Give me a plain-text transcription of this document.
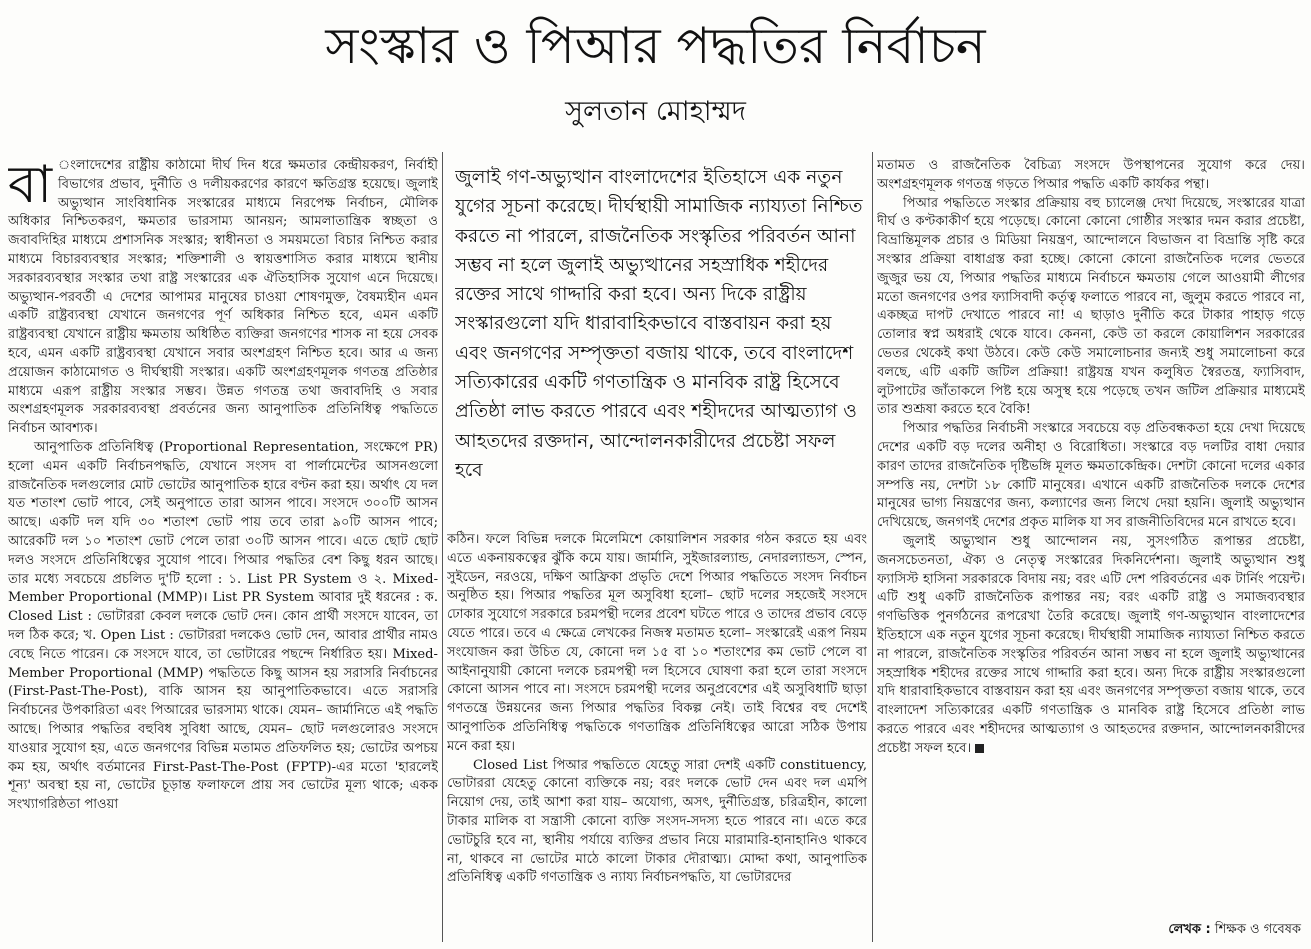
সংস্কার ও পিআর পদ্ধতির নির্বাচন
সুলতান মোহাম্মদ

বা ংলাদেশের রাষ্ট্রীয় কাঠামো দীর্ঘ দিন ধরে ক্ষমতার কেন্দ্রীয়করণ, নির্বাহী বিভাগের প্রভাব, দুর্নীতি ও দলীয়করণের কারণে ক্ষতিগ্রস্ত হয়েছে। জুলাই অভ্যুত্থান সাংবিধানিক সংস্কারের মাধ্যমে নিরপেক্ষ নির্বাচন, মৌলিক অধিকার নিশ্চিতকরণ, ক্ষমতার ভারসাম্য আনয়ন; আমলাতান্ত্রিক স্বচ্ছতা ও জবাবদিহির মাধ্যমে প্রশাসনিক সংস্কার; স্বাধীনতা ও সময়মতো বিচার নিশ্চিত করার মাধ্যমে বিচারব্যবস্থার সংস্কার; শক্তিশালী ও স্বায়ত্তশাসিত করার মাধ্যমে স্থানীয় সরকারব্যবস্থার সংস্কার তথা রাষ্ট্র সংস্কারের এক ঐতিহাসিক সুযোগ এনে দিয়েছে। অভ্যুত্থান-পরবর্তী এ দেশের আপামর মানুষের চাওয়া শোষণমুক্ত, বৈষম্যহীন এমন একটি রাষ্ট্রব্যবস্থা যেখানে জনগণের পূর্ণ অধিকার নিশ্চিত হবে, এমন একটি রাষ্ট্রব্যবস্থা যেখানে রাষ্ট্রীয় ক্ষমতায় অধিষ্ঠিত ব্যক্তিরা জনগণের শাসক না হয়ে সেবক হবে, এমন একটি রাষ্ট্রব্যবস্থা যেখানে সবার অংশগ্রহণ নিশ্চিত হবে। আর এ জন্য প্রয়োজন কাঠামোগত ও দীর্ঘস্থায়ী সংস্কার। একটি অংশগ্রহণমূলক গণতন্ত্র প্রতিষ্ঠার মাধ্যমে এরূপ রাষ্ট্রীয় সংস্কার সম্ভব। উন্নত গণতন্ত্র তথা জবাবদিহি ও সবার অংশগ্রহণমূলক সরকারব্যবস্থা প্রবর্তনের জন্য আনুপাতিক প্রতিনিধিত্ব পদ্ধতিতে নির্বাচন আবশ্যক।

আনুপাতিক প্রতিনিধিত্ব (Proportional Representation, সংক্ষেপে PR) হলো এমন একটি নির্বাচনপদ্ধতি, যেখানে সংসদ বা পার্লামেন্টের আসনগুলো রাজনৈতিক দলগুলোর মোট ভোটের আনুপাতিক হারে বণ্টন করা হয়। অর্থাৎ যে দল যত শতাংশ ভোট পাবে, সেই অনুপাতে তারা আসন পাবে। সংসদে ৩০০টি আসন আছে। একটি দল যদি ৩০ শতাংশ ভোট পায় তবে তারা ৯০টি আসন পাবে; আরেকটি দল ১০ শতাংশ ভোট পেলে তারা ৩০টি আসন পাবে। এতে ছোট ছোট দলও সংসদে প্রতিনিধিত্বের সুযোগ পাবে। পিআর পদ্ধতির বেশ কিছু ধরন আছে। তার মধ্যে সবচেয়ে প্রচলিত দু'টি হলো : ১. List PR System ও ২. Mixed-Member Proportional (MMP)। List PR System আবার দুই ধরনের : ক. Closed List : ভোটাররা কেবল দলকে ভোট দেন। কোন প্রার্থী সংসদে যাবেন, তা দল ঠিক করে; খ. Open List : ভোটাররা দলকেও ভোট দেন, আবার প্রার্থীর নামও বেছে নিতে পারেন। কে সংসদে যাবে, তা ভোটারের পছন্দে নির্ধারিত হয়। Mixed-Member Proportional (MMP) পদ্ধতিতে কিছু আসন হয় সরাসরি নির্বাচনের (First-Past-The-Post), বাকি আসন হয় আনুপাতিকভাবে। এতে সরাসরি নির্বাচনের উপকারিতা এবং পিআরের ভারসাম্য থাকে। যেমন– জার্মানিতে এই পদ্ধতি আছে। পিআর পদ্ধতির বহুবিধ সুবিধা আছে, যেমন– ছোট দলগুলোরও সংসদে যাওয়ার সুযোগ হয়, এতে জনগণের বিভিন্ন মতামত প্রতিফলিত হয়; ভোটের অপচয় কম হয়, অর্থাৎ বর্তমানের First-Past-The-Post (FPTP)-এর মতো 'হারলেই শূন্য' অবস্থা হয় না, ভোটের চূড়ান্ত ফলাফলে প্রায় সব ভোটের মূল্য থাকে; একক সংখ্যাগরিষ্ঠতা পাওয়া

জুলাই গণ-অভ্যুত্থান বাংলাদেশের ইতিহাসে এক নতুন যুগের সূচনা করেছে। দীর্ঘস্থায়ী সামাজিক ন্যায্যতা নিশ্চিত করতে না পারলে, রাজনৈতিক সংস্কৃতির পরিবর্তন আনা সম্ভব না হলে জুলাই অভ্যুত্থানের সহস্রাধিক শহীদের রক্তের সাথে গাদ্দারি করা হবে। অন্য দিকে রাষ্ট্রীয় সংস্কারগুলো যদি ধারাবাহিকভাবে বাস্তবায়ন করা হয় এবং জনগণের সম্পৃক্ততা বজায় থাকে, তবে বাংলাদেশ সত্যিকারের একটি গণতান্ত্রিক ও মানবিক রাষ্ট্র হিসেবে প্রতিষ্ঠা লাভ করতে পারবে এবং শহীদদের আত্মত্যাগ ও আহতদের রক্তদান, আন্দোলনকারীদের প্রচেষ্টা সফল হবে

কঠিন। ফলে বিভিন্ন দলকে মিলেমিশে কোয়ালিশন সরকার গঠন করতে হয় এবং এতে একনায়কত্বের ঝুঁকি কমে যায়। জার্মানি, সুইজারল্যান্ড, নেদারল্যান্ডস, স্পেন, সুইডেন, নরওয়ে, দক্ষিণ আফ্রিকা প্রভৃতি দেশে পিআর পদ্ধতিতে সংসদ নির্বাচন অনুষ্ঠিত হয়। পিআর পদ্ধতির মূল অসুবিধা হলো– ছোট দলের সহজেই সংসদে ঢোকার সুযোগে সরকারে চরমপন্থী দলের প্রবেশ ঘটতে পারে ও তাদের প্রভাব বেড়ে যেতে পারে। তবে এ ক্ষেত্রে লেখকের নিজস্ব মতামত হলো– সংস্কারেই এরূপ নিয়ম সংযোজন করা উচিত যে, কোনো দল ১৫ বা ১০ শতাংশের কম ভোট পেলে বা আইনানুযায়ী কোনো দলকে চরমপন্থী দল হিসেবে ঘোষণা করা হলে তারা সংসদে কোনো আসন পাবে না। সংসদে চরমপন্থী দলের অনুপ্রবেশের এই অসুবিধাটি ছাড়া গণতন্ত্রে উন্নয়নের জন্য পিআর পদ্ধতির বিকল্প নেই। তাই বিশ্বের বহু দেশেই আনুপাতিক প্রতিনিধিত্ব পদ্ধতিকে গণতান্ত্রিক প্রতিনিধিত্বের আরো সঠিক উপায় মনে করা হয়।

Closed List পিআর পদ্ধতিতে যেহেতু সারা দেশই একটি constituency, ভোটাররা যেহেতু কোনো ব্যক্তিকে নয়; বরং দলকে ভোট দেন এবং দল এমপি নিয়োগ দেয়, তাই আশা করা যায়– অযোগ্য, অসৎ, দুর্নীতিগ্রস্ত, চরিত্রহীন, কালো টাকার মালিক বা সন্ত্রাসী কোনো ব্যক্তি সংসদ-সদস্য হতে পারবে না। এতে করে ভোটচুরি হবে না, স্থানীয় পর্যায়ে ব্যক্তির প্রভাব নিয়ে মারামারি-হানাহানিও থাকবে না, থাকবে না ভোটের মাঠে কালো টাকার দৌরাত্ম্য। মোদ্দা কথা, আনুপাতিক প্রতিনিধিত্ব একটি গণতান্ত্রিক ও ন্যায্য নির্বাচনপদ্ধতি, যা ভোটারদের

মতামত ও রাজনৈতিক বৈচিত্র্য সংসদে উপস্থাপনের সুযোগ করে দেয়। অংশগ্রহণমূলক গণতন্ত্র গড়তে পিআর পদ্ধতি একটি কার্যকর পন্থা।

পিআর পদ্ধতিতে সংস্কার প্রক্রিয়ায় বহু চ্যালেঞ্জ দেখা দিয়েছে, সংস্কারের যাত্রা দীর্ঘ ও কণ্টকাকীর্ণ হয়ে পড়েছে। কোনো কোনো গোষ্ঠীর সংস্কার দমন করার প্রচেষ্টা, বিভ্রান্তিমূলক প্রচার ও মিডিয়া নিয়ন্ত্রণ, আন্দোলনে বিভাজন বা বিভ্রান্তি সৃষ্টি করে সংস্কার প্রক্রিয়া বাধাগ্রস্ত করা হচ্ছে। কোনো কোনো রাজনৈতিক দলের ভেতরে জুজুর ভয় যে, পিআর পদ্ধতির মাধ্যমে নির্বাচনে ক্ষমতায় গেলে আওয়ামী লীগের মতো জনগণের ওপর ফ্যাসিবাদী কর্তৃত্ব ফলাতে পারবে না, জুলুম করতে পারবে না, একচ্ছত্র দাপট দেখাতে পারবে না! এ ছাড়াও দুর্নীতি করে টাকার পাহাড় গড়ে তোলার স্বপ্ন অধরাই থেকে যাবে। কেননা, কেউ তা করলে কোয়ালিশন সরকারের ভেতর থেকেই কথা উঠবে। কেউ কেউ সমালোচনার জন্যই শুধু সমালোচনা করে বলছে, এটি একটি জটিল প্রক্রিয়া! রাষ্ট্রযন্ত্র যখন কলুষিত স্বৈরতন্ত্র, ফ্যাসিবাদ, লুটপাটের জাঁতাকলে পিষ্ট হয়ে অসুস্থ হয়ে পড়েছে তখন জটিল প্রক্রিয়ার মাধ্যমেই তার শুশ্রূষা করতে হবে বৈকি!

পিআর পদ্ধতির নির্বাচনী সংস্কারে সবচেয়ে বড় প্রতিবন্ধকতা হয়ে দেখা দিয়েছে দেশের একটি বড় দলের অনীহা ও বিরোধিতা। সংস্কারে বড় দলটির বাধা দেয়ার কারণ তাদের রাজনৈতিক দৃষ্টিভঙ্গি মূলত ক্ষমতাকেন্দ্রিক। দেশটা কোনো দলের একার সম্পত্তি নয়, দেশটা ১৮ কোটি মানুষের। এখানে একটি রাজনৈতিক দলকে দেশের মানুষের ভাগ্য নিয়ন্ত্রণের জন্য, কল্যাণের জন্য লিখে দেয়া হয়নি। জুলাই অভ্যুত্থান দেখিয়েছে, জনগণই দেশের প্রকৃত মালিক যা সব রাজনীতিবিদের মনে রাখতে হবে।

জুলাই অভ্যুত্থান শুধু আন্দোলন নয়, সুসংগঠিত রূপান্তর প্রচেষ্টা, জনসচেতনতা, ঐক্য ও নেতৃত্ব সংস্কারের দিকনির্দেশনা। জুলাই অভ্যুত্থান শুধু ফ্যাসিস্ট হাসিনা সরকারকে বিদায় নয়; বরং এটি দেশ পরিবর্তনের এক টার্নিং পয়েন্ট। এটি শুধু একটি রাজনৈতিক রূপান্তর নয়; বরং একটি রাষ্ট্র ও সমাজব্যবস্থার গণভিত্তিক পুনর্গঠনের রূপরেখা তৈরি করেছে। জুলাই গণ-অভ্যুত্থান বাংলাদেশের ইতিহাসে এক নতুন যুগের সূচনা করেছে। দীর্ঘস্থায়ী সামাজিক ন্যায্যতা নিশ্চিত করতে না পারলে, রাজনৈতিক সংস্কৃতির পরিবর্তন আনা সম্ভব না হলে জুলাই অভ্যুত্থানের সহস্রাধিক শহীদের রক্তের সাথে গাদ্দারি করা হবে। অন্য দিকে রাষ্ট্রীয় সংস্কারগুলো যদি ধারাবাহিকভাবে বাস্তবায়ন করা হয় এবং জনগণের সম্পৃক্ততা বজায় থাকে, তবে বাংলাদেশ সত্যিকারের একটি গণতান্ত্রিক ও মানবিক রাষ্ট্র হিসেবে প্রতিষ্ঠা লাভ করতে পারবে এবং শহীদদের আত্মত্যাগ ও আহতদের রক্তদান, আন্দোলনকারীদের প্রচেষ্টা সফল হবে।

লেখক : শিক্ষক ও গবেষক
